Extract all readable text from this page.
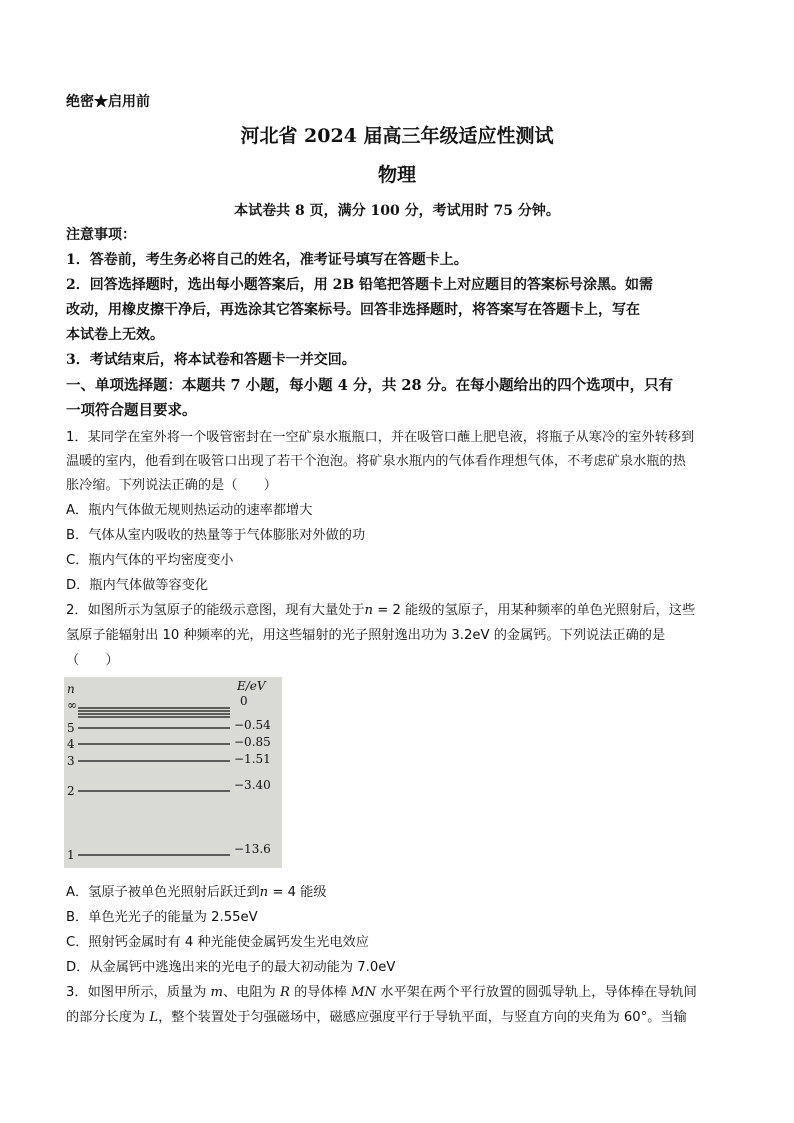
绝密★启用前
河北省 2024 届高三年级适应性测试
物理
本试卷共 8 页，满分 100 分，考试用时 75 分钟。
注意事项：
1．答卷前，考生务必将自己的姓名，准考证号填写在答题卡上。
2．回答选择题时，选出每小题答案后，用 2B 铅笔把答题卡上对应题目的答案标号涂黑。如需
改动，用橡皮擦干净后，再选涂其它答案标号。回答非选择题时，将答案写在答题卡上，写在
本试卷上无效。
3．考试结束后，将本试卷和答题卡一并交回。
一、单项选择题：本题共 7 小题，每小题 4 分，共 28 分。在每小题给出的四个选项中，只有
一项符合题目要求。
1．某同学在室外将一个吸管密封在一空矿泉水瓶瓶口，并在吸管口蘸上肥皂液，将瓶子从寒冷的室外转移到
温暖的室内，他看到在吸管口出现了若干个泡泡。将矿泉水瓶内的气体看作理想气体，不考虑矿泉水瓶的热
胀冷缩。下列说法正确的是（　　）
A．瓶内气体做无规则热运动的速率都增大
B．气体从室内吸收的热量等于气体膨胀对外做的功
C．瓶内气体的平均密度变小
D．瓶内气体做等容变化
2．如图所示为氢原子的能级示意图，现有大量处于n = 2 能级的氢原子，用某种频率的单色光照射后，这些
氢原子能辐射出 10 种频率的光，用这些辐射的光子照射逸出功为 3.2eV 的金属钙。下列说法正确的是
（　　）
n	E/eV
∞	0
5	−0.54
4	−0.85
3	−1.51
2	−3.40
1	−13.6
A．氢原子被单色光照射后跃迁到n = 4 能级
B．单色光光子的能量为 2.55eV
C．照射钙金属时有 4 种光能使金属钙发生光电效应
D．从金属钙中逃逸出来的光电子的最大初动能为 7.0eV
3．如图甲所示，质量为 m、电阻为 R 的导体棒 MN 水平架在两个平行放置的圆弧导轨上，导体棒在导轨间
的部分长度为 L，整个装置处于匀强磁场中，磁感应强度平行于导轨平面，与竖直方向的夹角为 60°。当输
